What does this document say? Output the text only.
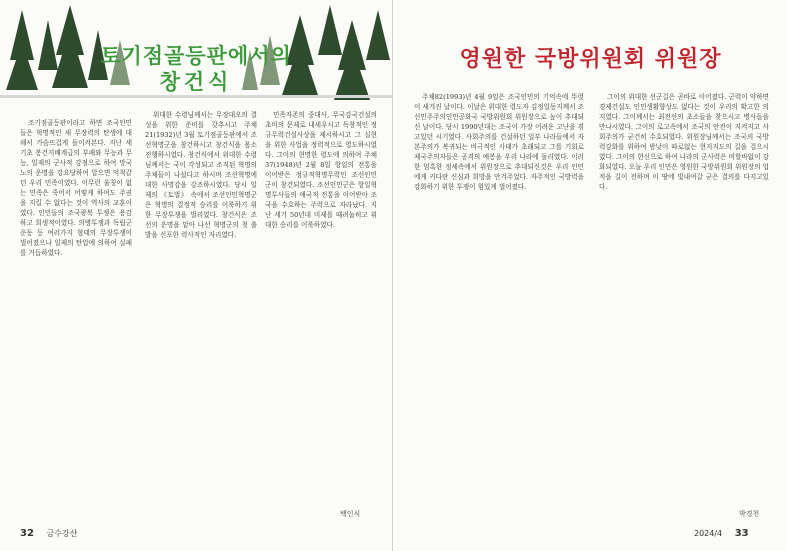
토기점골등판에서의
창건식

조기점골등판이라고 하면 조국인민들은 혁명적인 새 무장력의 탄생에 대해서 가슴뜨겁게 돌이켜본다. 지난 세기초 봉건지배계급의 부패와 무능과 무능, 일제의 군사적 강점으로 하여 망국노의 운명을 강요당하여 압으면 억척같던 우리 민족이였다. 이무런 울칭이 없는 민족은 죽어서 어떻게 하여도 주권을 지킬 수 없다는 것이 역사의 교훈이였다. 인민들의 조국광복 투쟁은 용감하고 희생적이였다. 의병투쟁과 독립군운동 등 여러가지 형태의 무장투쟁이 벌어졌으나 일제의 탄압에 의하여 실패를 거듭하였다.

위대한 수령님께서는 무장대오의 결성을 위한 준비를 갖추시고 주체21(1932)년 3월 토기점골등판에서 조선혁명군을 창건하시고 창건식을 몸소 진행하시였다. 창건식에서 위대한 수령님께서는 국이 각성되고 조직된 혁명의 주체들이 나섰다고 하시며 조선혁명에 대한 사명감을 강조하시였다. 당시 일제의 《토벌》 속에서 조선인민혁명군은 혁명의 결정적 승리를 이룩하기 위한 무장투쟁을 벌리였다. 창건식은 조선의 운명을 맡아 나선 혁명군의 첫 출발을 선포한 력사적인 자리였다.

민족자존의 중대사, 무국강국건설의 초미의 문제로 내세우시고 독창적인 정규무력건설사상을 제시하시고 그 실현을 위한 사업을 정력적으로 영도하시였다. 그이의 현명한 령도에 의하여 주체37(1948)년 2월 8일 항일의 전통을 이어받은 정규적혁명무력인 조선인민군이 창건되였다. 조선인민군은 항일혁명투사들의 애국적 전통을 이어받아 조국을 수호하는 주력으로 자라났다. 지난 세기 50년대 미제를 때려눕히고 위대한 승리를 이룩하였다.

백인식
32 금수강산
영원한 국방위원회 위원장

주체82(1993)년 4월 9일은 조국인민의 기억속에 뚜렷이 새겨진 날이다. 이날은 위대한 령도자 김정일동지께서 조선민주주의인민공화국 국방위원회 위원장으로 높이 추대되신 날이다. 당시 1990년대는 조국이 가장 어려운 고난을 겪고있던 시기였다. 사회주의를 건설하던 일부 나라들에서 자본주의가 복귀되는 비극적인 사태가 초래되고 그를 기회로 제국주의자들은 공격의 예봉을 우리 나라에 돌리였다. 이러한 엄혹한 정세속에서 위원장으로 추대되신것은 우리 인민에게 커다란 신심과 희망을 안겨주었다. 자주적인 국방력을 강화하기 위한 투쟁이 힘있게 벌어졌다.

그이의 위대한 선군길은 곧바로 이어졌다. 군력이 약하면 경제건설도 인민생활향상도 없다는 것이 우리의 확고한 의지였다. 그이께서는 최전선의 초소들을 찾으시고 병사들을 만나시였다. 그이의 로고속에서 조국의 안전이 지켜지고 사회주의가 굳건히 수호되였다. 위원장님께서는 조국의 국방력강화를 위하여 밤낮이 따로없는 현지지도의 길을 걸으시였다. 그이의 헌신으로 하여 나라의 군사력은 비할바없이 강화되였다. 오늘 우리 인민은 영원한 국방위원회 위원장의 업적을 길이 전하며 이 땅에 빛내여갈 굳은 결의를 다지고있다.

박경천
2024/4 33
